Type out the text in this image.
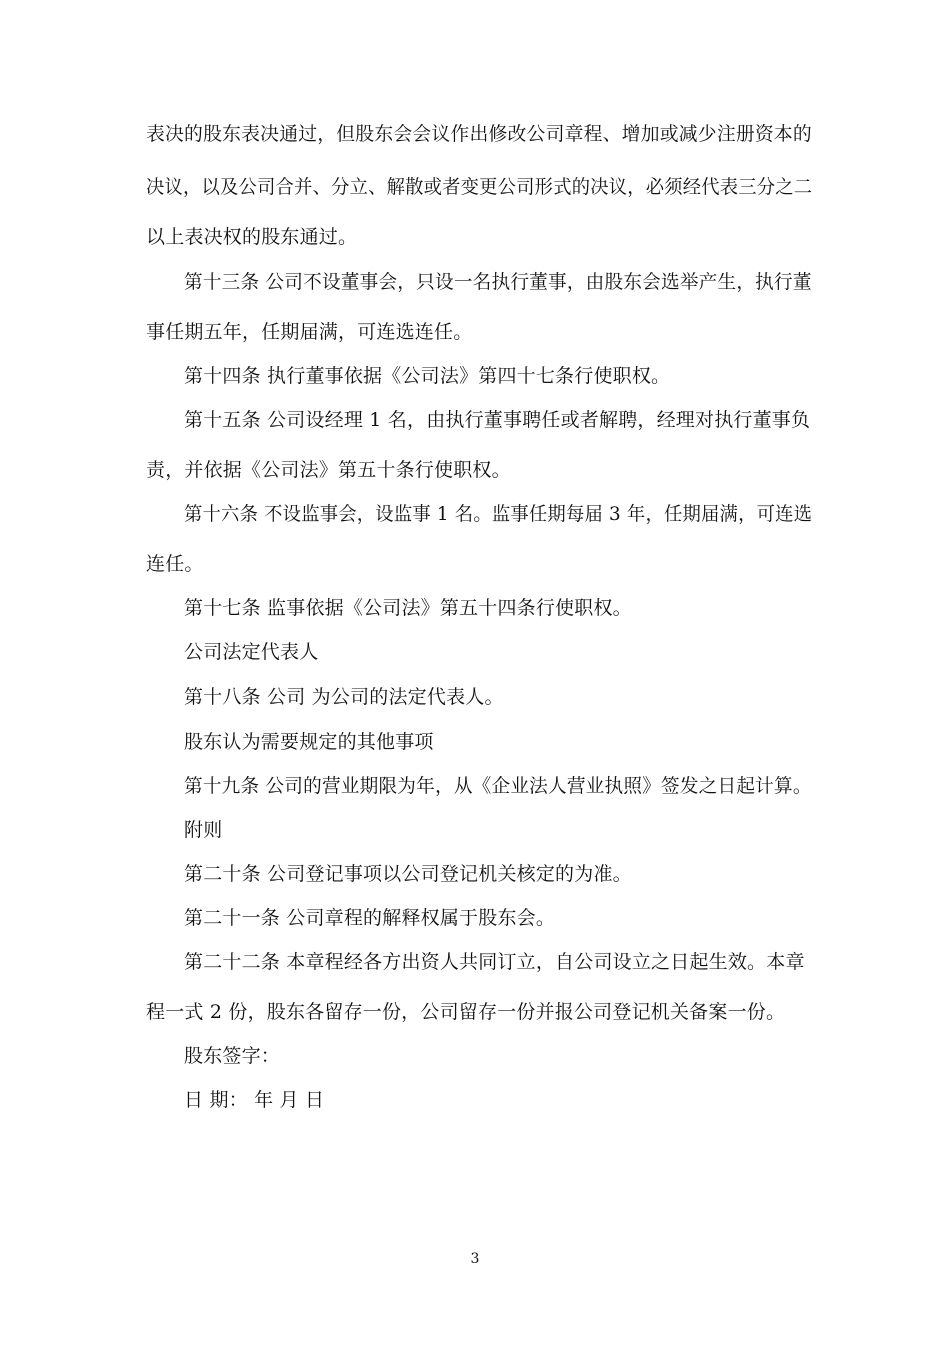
表决的股东表决通过，但股东会会议作出修改公司章程、增加或减少注册资本的
决议，以及公司合并、分立、解散或者变更公司形式的决议，必须经代表三分之二
以上表决权的股东通过。
第十三条 公司不设董事会，只设一名执行董事，由股东会选举产生，执行董
事任期五年，任期届满，可连选连任。
第十四条 执行董事依据《公司法》第四十七条行使职权。
第十五条 公司设经理 1 名，由执行董事聘任或者解聘，经理对执行董事负
责，并依据《公司法》第五十条行使职权。
第十六条 不设监事会，设监事 1 名。监事任期每届 3 年，任期届满，可连选
连任。
第十七条 监事依据《公司法》第五十四条行使职权。
公司法定代表人
第十八条 公司 为公司的法定代表人。
股东认为需要规定的其他事项
第十九条 公司的营业期限为年，从《企业法人营业执照》签发之日起计算。
附则
第二十条 公司登记事项以公司登记机关核定的为准。
第二十一条 公司章程的解释权属于股东会。
第二十二条 本章程经各方出资人共同订立，自公司设立之日起生效。本章
程一式 2 份，股东各留存一份，公司留存一份并报公司登记机关备案一份。
股东签字：
日 期： 年 月 日
3
